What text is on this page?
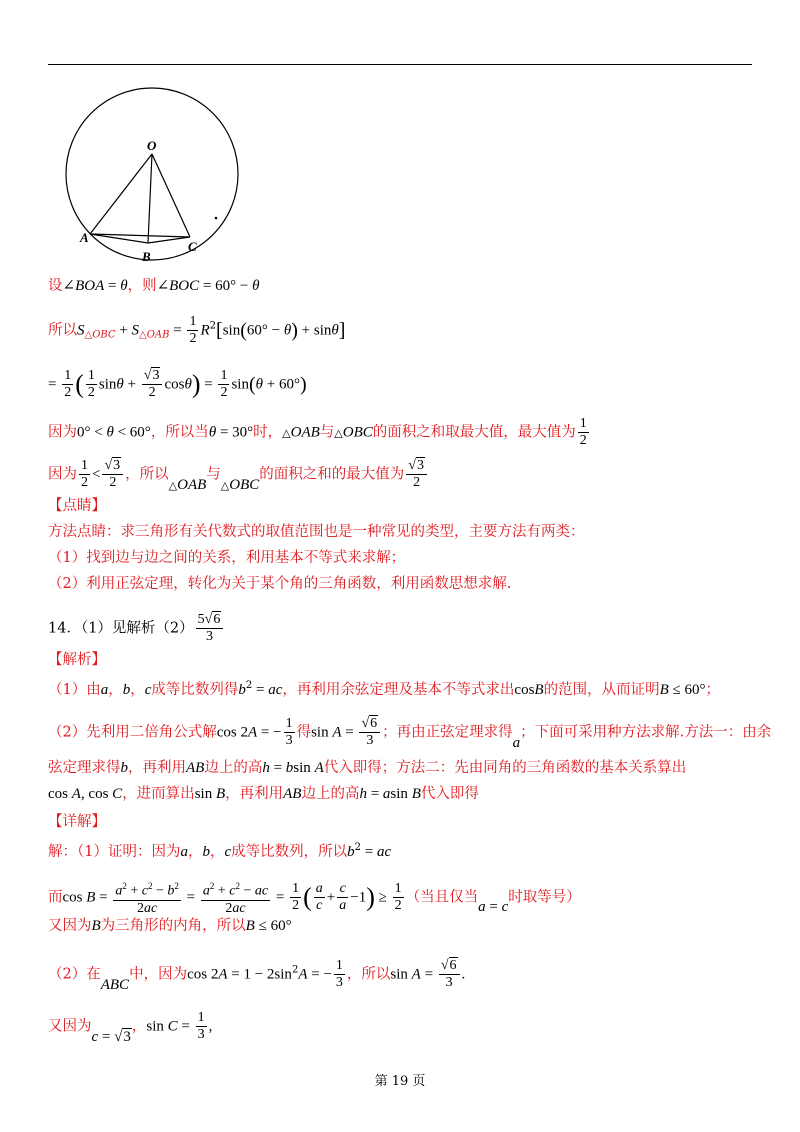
O
A
B
C
设∠BOA = θ，则∠BOC = 60° − θ
所以$S_{\triangle OBC} + S_{\triangle OAB} = \frac{1}{2} R^2[\sin(60^\circ - \theta) + \sin\theta]$
= $\frac{1}{2}$ ( $\frac{1}{2}$ $\sin\theta + \frac{√3}{2} \cos\theta) = \frac{1}{2} \sin(\theta + 60^\circ)$
因为0° < θ < 60°，所以当θ = 30°时，△OAB与△OBC的面积之和取最大值，最大值为 $\frac{1}{2}$
因为 $\frac{1}{2} < \frac{√3}{2}$ ，所以△OAB与△OBC的面积之和的最大值为 $\frac{√3}{2}$
【点睛】
方法点睛：求三角形有关代数式的取值范围也是一种常见的类型，主要方法有两类：
（1）找到边与边之间的关系，利用基本不等式来求解；
（2）利用正弦定理，转化为关于某个角的三角函数，利用函数思想求解.
14．（1）见解析$(2) \frac{5√6}{3}$
【解析】
（1）由a，b，c成等比数列得$b^2$ = ac，再利用余弦定理及基本不等式求出cosB的范围，从而证明B ≤ 60°；
（2）先利用二倍角公式解cos 2A = − $\frac{1}{3}$ 得$\sin A = \frac{√6}{3}$ ；再由正弦定理求得a；下面可采用种方法求解.方法一：由余
弦定理求得b，再利用AB边上的高h = bsin A代入即得；方法二：先由同角的三角函数的基本关系算出
cos A, cos C，进而算出sin B，再利用AB边上的高h = asin B代入即得
【详解】
解：（1）证明：因为a，b，c成等比数列，所以$b^2$ = ac
而$\cos B = \frac{a^2 + c^2 - b^2}{2ac} = \frac{a^2 + c^2 - ac}{2ac} = \frac{1}{2}$ ( $\frac{a}{c} + \frac{c}{a} -1) \ge \frac{1}{2}$ （当且仅当a = c时取等号）
又因为B为三角形的内角，所以B ≤ 60°
（2）在ABC中，因为$\cos 2A = 1 - 2\sin^2A$ = − $\frac{1}{3}$ ，所以$\sin A = \frac{√6}{3}$ .
又因为c = √3，$\sin C = \frac{1}{3}$ ,
第 19 页
